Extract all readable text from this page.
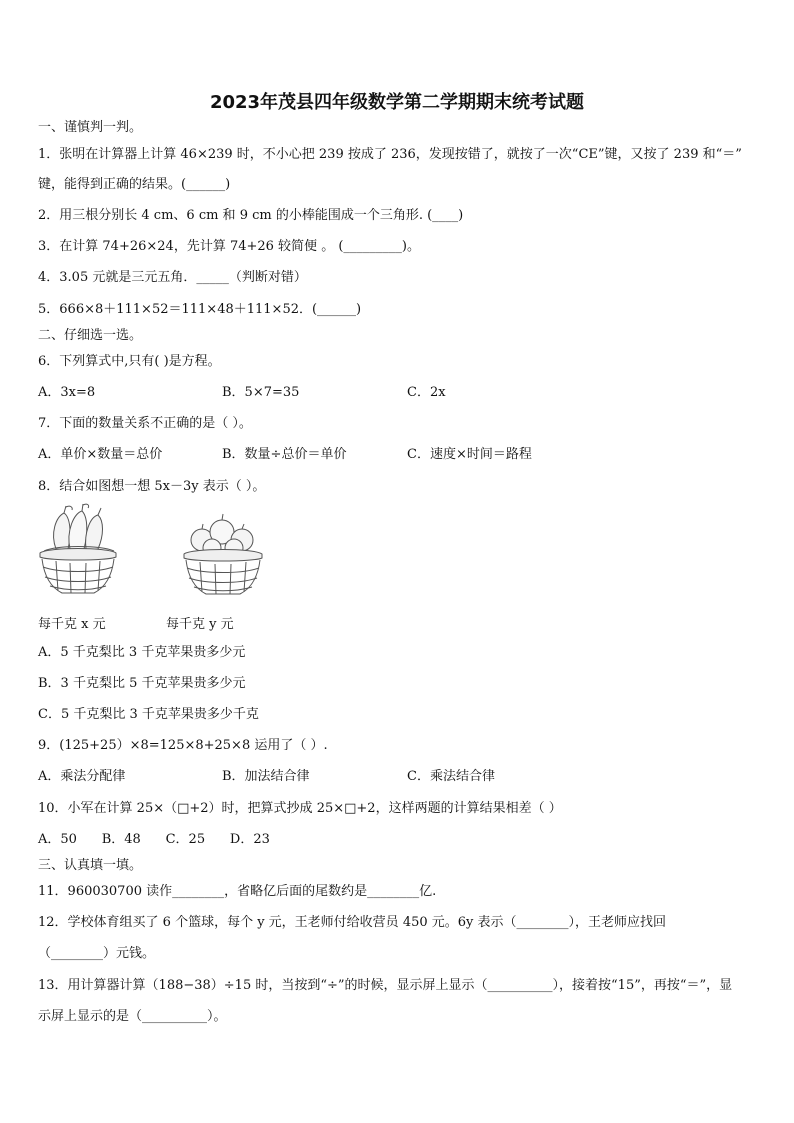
2023年茂县四年级数学第二学期期末统考试题
一、谨慎判一判。
1．张明在计算器上计算 46×239 时，不小心把 239 按成了 236，发现按错了，就按了一次“CE”键，又按了 239 和“＝”
键，能得到正确的结果。(______)
2．用三根分别长 4 cm、6 cm 和 9 cm 的小棒能围成一个三角形. (____)
3．在计算 74+26×24，先计算 74+26 较简便 。 (_________)。
4．3.05 元就是三元五角．_____（判断对错）
5．666×8＋111×52＝111×48＋111×52．(______)
二、仔细选一选。
6．下列算式中,只有( )是方程。
A．3x=8	B．5×7=35	C．2x
7．下面的数量关系不正确的是（ ）。
A．单价×数量＝总价	B．数量÷总价＝单价	C．速度×时间＝路程
8．结合如图想一想 5x－3y 表示（ ）。
每千克 x 元	每千克 y 元
A．5 千克梨比 3 千克苹果贵多少元
B．3 千克梨比 5 千克苹果贵多少元
C．5 千克梨比 3 千克苹果贵多少千克
9．(125+25）×8=125×8+25×8 运用了（ ）.
A．乘法分配律	B．加法结合律	C．乘法结合律
10．小军在计算 25×（□+2）时，把算式抄成 25×□+2，这样两题的计算结果相差（ ）
A．50      B．48      C．25      D．23
三、认真填一填。
11．960030700 读作________，省略亿后面的尾数约是________亿.
12．学校体育组买了 6 个篮球，每个 y 元，王老师付给收营员 450 元。6y 表示（________），王老师应找回
（________）元钱。
13．用计算器计算（188−38）÷15 时，当按到“÷”的时候，显示屏上显示（__________），接着按“15”，再按“＝”，显
示屏上显示的是（__________）。
